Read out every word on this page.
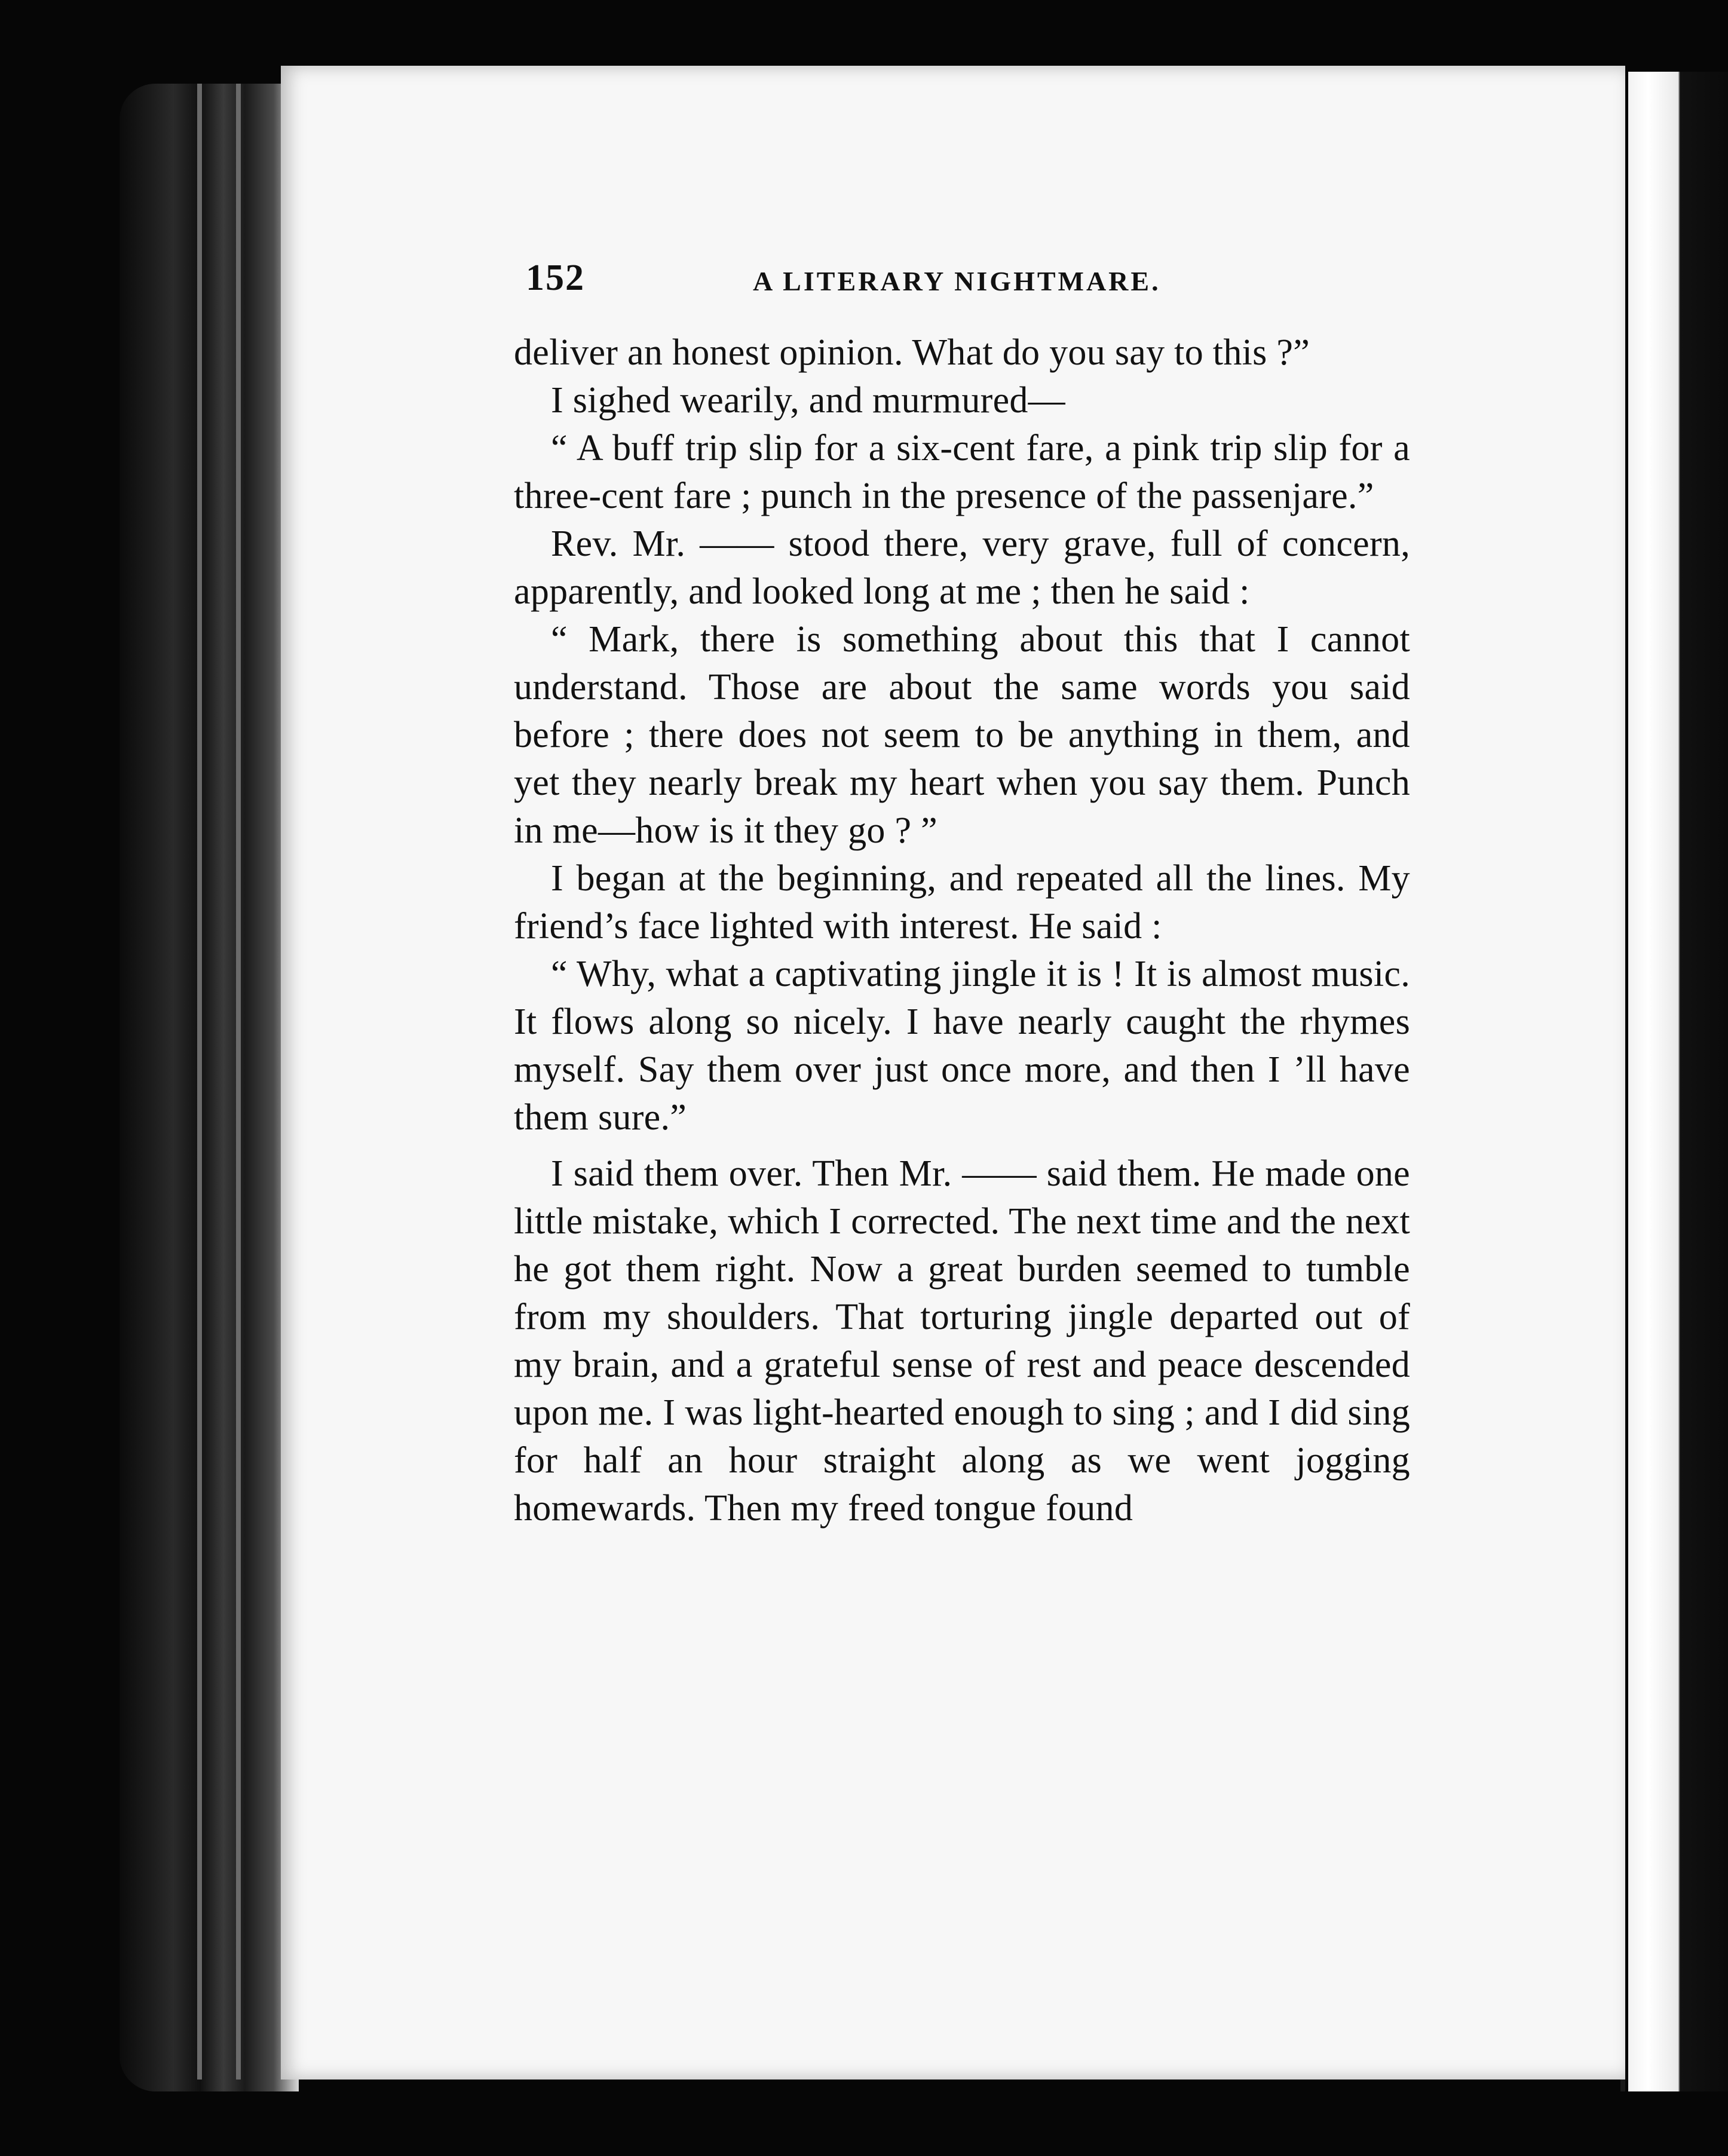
152	A LITERARY NIGHTMARE.

deliver an honest opinion. What do you say to this ?”

I sighed wearily, and murmured—

“ A buff trip slip for a six-cent fare, a pink trip slip for a three-cent fare ; punch in the presence of the passenjare.”

Rev. Mr. —— stood there, very grave, full of concern, apparently, and looked long at me ; then he said :

“ Mark, there is something about this that I cannot understand. Those are about the same words you said before ; there does not seem to be anything in them, and yet they nearly break my heart when you say them. Punch in me—how is it they go ? ”

I began at the beginning, and repeated all the lines. My friend’s face lighted with interest. He said :

“ Why, what a captivating jingle it is ! It is almost music. It flows along so nicely. I have nearly caught the rhymes myself. Say them over just once more, and then I ’ll have them sure.”

I said them over. Then Mr. —— said them. He made one little mistake, which I corrected. The next time and the next he got them right. Now a great burden seemed to tumble from my shoulders. That torturing jingle departed out of my brain, and a grateful sense of rest and peace descended upon me. I was light-hearted enough to sing ; and I did sing for half an hour straight along as we went jogging homewards. Then my freed tongue found
